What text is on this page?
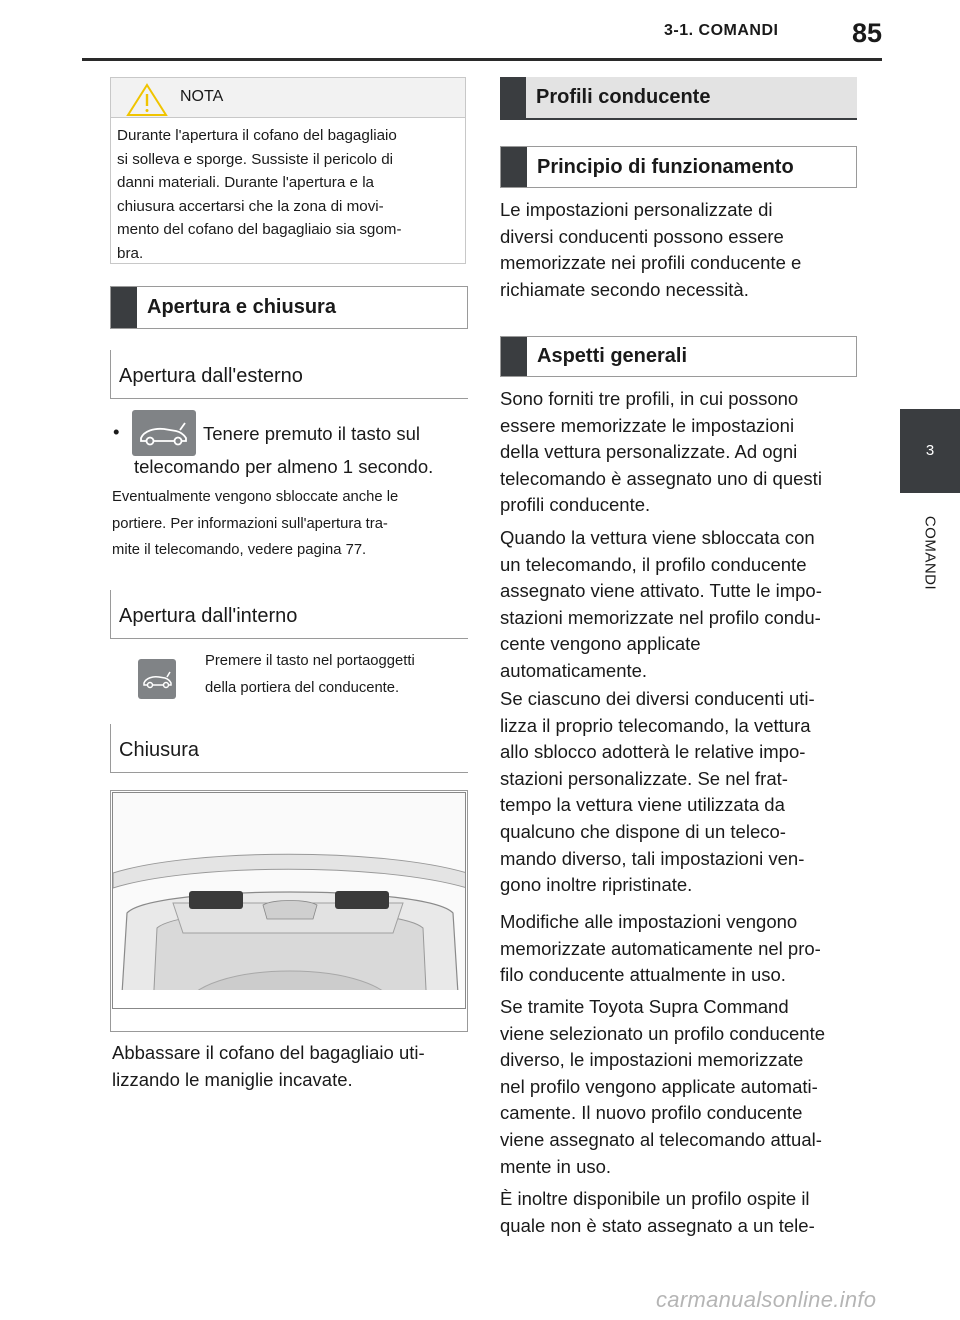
3-1. COMANDI	85
3
COMANDI
NOTA
Durante l'apertura il cofano del bagagliaio
si solleva e sporge. Sussiste il pericolo di
danni materiali. Durante l'apertura e la
chiusura accertarsi che la zona di movi-
mento del cofano del bagagliaio sia sgom-
bra.
Apertura e chiusura
Apertura dall'esterno
•	Tenere premuto il tasto sul
telecomando per almeno 1 secondo.
Eventualmente vengono sbloccate anche le
portiere. Per informazioni sull'apertura tra-
mite il telecomando, vedere pagina 77.
Apertura dall'interno
Premere il tasto nel portaoggetti
della portiera del conducente.
Chiusura
Abbassare il cofano del bagagliaio uti-
lizzando le maniglie incavate.
Profili conducente
Principio di funzionamento
Le impostazioni personalizzate di
diversi conducenti possono essere
memorizzate nei profili conducente e
richiamate secondo necessità.
Aspetti generali
Sono forniti tre profili, in cui possono
essere memorizzate le impostazioni
della vettura personalizzate. Ad ogni
telecomando è assegnato uno di questi
profili conducente.
Quando la vettura viene sbloccata con
un telecomando, il profilo conducente
assegnato viene attivato. Tutte le impo-
stazioni memorizzate nel profilo condu-
cente vengono applicate
automaticamente.
Se ciascuno dei diversi conducenti uti-
lizza il proprio telecomando, la vettura
allo sblocco adotterà le relative impo-
stazioni personalizzate. Se nel frat-
tempo la vettura viene utilizzata da
qualcuno che dispone di un teleco-
mando diverso, tali impostazioni ven-
gono inoltre ripristinate.
Modifiche alle impostazioni vengono
memorizzate automaticamente nel pro-
filo conducente attualmente in uso.
Se tramite Toyota Supra Command
viene selezionato un profilo conducente
diverso, le impostazioni memorizzate
nel profilo vengono applicate automati-
camente. Il nuovo profilo conducente
viene assegnato al telecomando attual-
mente in uso.
È inoltre disponibile un profilo ospite il
quale non è stato assegnato a un tele-
carmanualsonline.info
